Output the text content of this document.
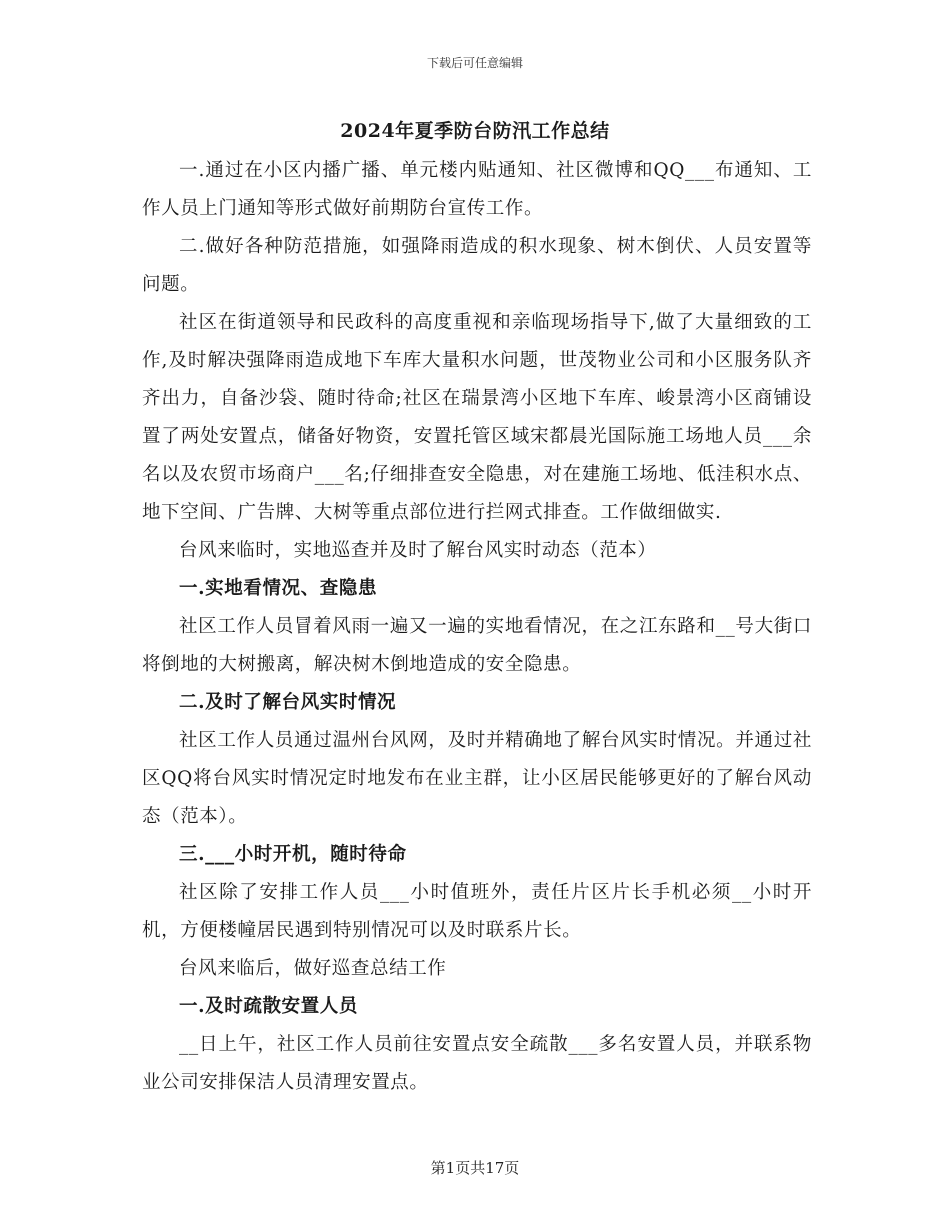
下载后可任意编辑
2024年夏季防台防汛工作总结

一.通过在小区内播广播、单元楼内贴通知、社区微博和QQ___布通知、工作人员上门通知等形式做好前期防台宣传工作。

二.做好各种防范措施，如强降雨造成的积水现象、树木倒伏、人员安置等问题。

社区在街道领导和民政科的高度重视和亲临现场指导下,做了大量细致的工作,及时解决强降雨造成地下车库大量积水问题，世茂物业公司和小区服务队齐齐出力，自备沙袋、随时待命;社区在瑞景湾小区地下车库、峻景湾小区商铺设置了两处安置点，储备好物资，安置托管区域宋都晨光国际施工场地人员___余名以及农贸市场商户___名;仔细排查安全隐患，对在建施工场地、低洼积水点、地下空间、广告牌、大树等重点部位进行拦网式排查。工作做细做实.

台风来临时，实地巡查并及时了解台风实时动态（范本）

一.实地看情况、查隐患

社区工作人员冒着风雨一遍又一遍的实地看情况，在之江东路和__号大街口将倒地的大树搬离，解决树木倒地造成的安全隐患。

二.及时了解台风实时情况

社区工作人员通过温州台风网，及时并精确地了解台风实时情况。并通过社区QQ将台风实时情况定时地发布在业主群，让小区居民能够更好的了解台风动态（范本）。

三.___小时开机，随时待命

社区除了安排工作人员___小时值班外，责任片区片长手机必须__小时开机，方便楼幢居民遇到特别情况可以及时联系片长。

台风来临后，做好巡查总结工作

一.及时疏散安置人员

__日上午，社区工作人员前往安置点安全疏散___多名安置人员，并联系物业公司安排保洁人员清理安置点。

第1页共17页
